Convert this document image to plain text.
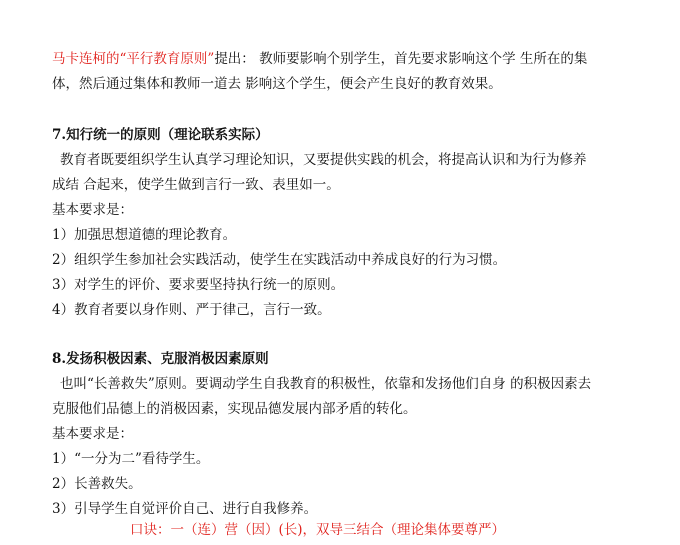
马卡连柯的“平行教育原则”提出： 教师要影响个别学生，首先要求影响这个学 生所在的集
体，然后通过集体和教师一道去 影响这个学生，便会产生良好的教育效果。
7.知行统一的原则（理论联系实际）
教育者既要组织学生认真学习理论知识，又要提供实践的机会，将提高认识和为行为修养
成结 合起来，使学生做到言行一致、表里如一。
基本要求是：
1）加强思想道德的理论教育。
2）组织学生参加社会实践活动，使学生在实践活动中养成良好的行为习惯。
3）对学生的评价、要求要坚持执行统一的原则。
4）教育者要以身作则、严于律己，言行一致。
8.发扬积极因素、克服消极因素原则
也叫“长善救失”原则。要调动学生自我教育的积极性，依靠和发扬他们自身 的积极因素去
克服他们品德上的消极因素，实现品德发展内部矛盾的转化。
基本要求是：
1）“一分为二”看待学生。
2）长善救失。
3）引导学生自觉评价自己、进行自我修养。
口诀：一（连）营（因）(长)，双导三结合（理论集体要尊严）
